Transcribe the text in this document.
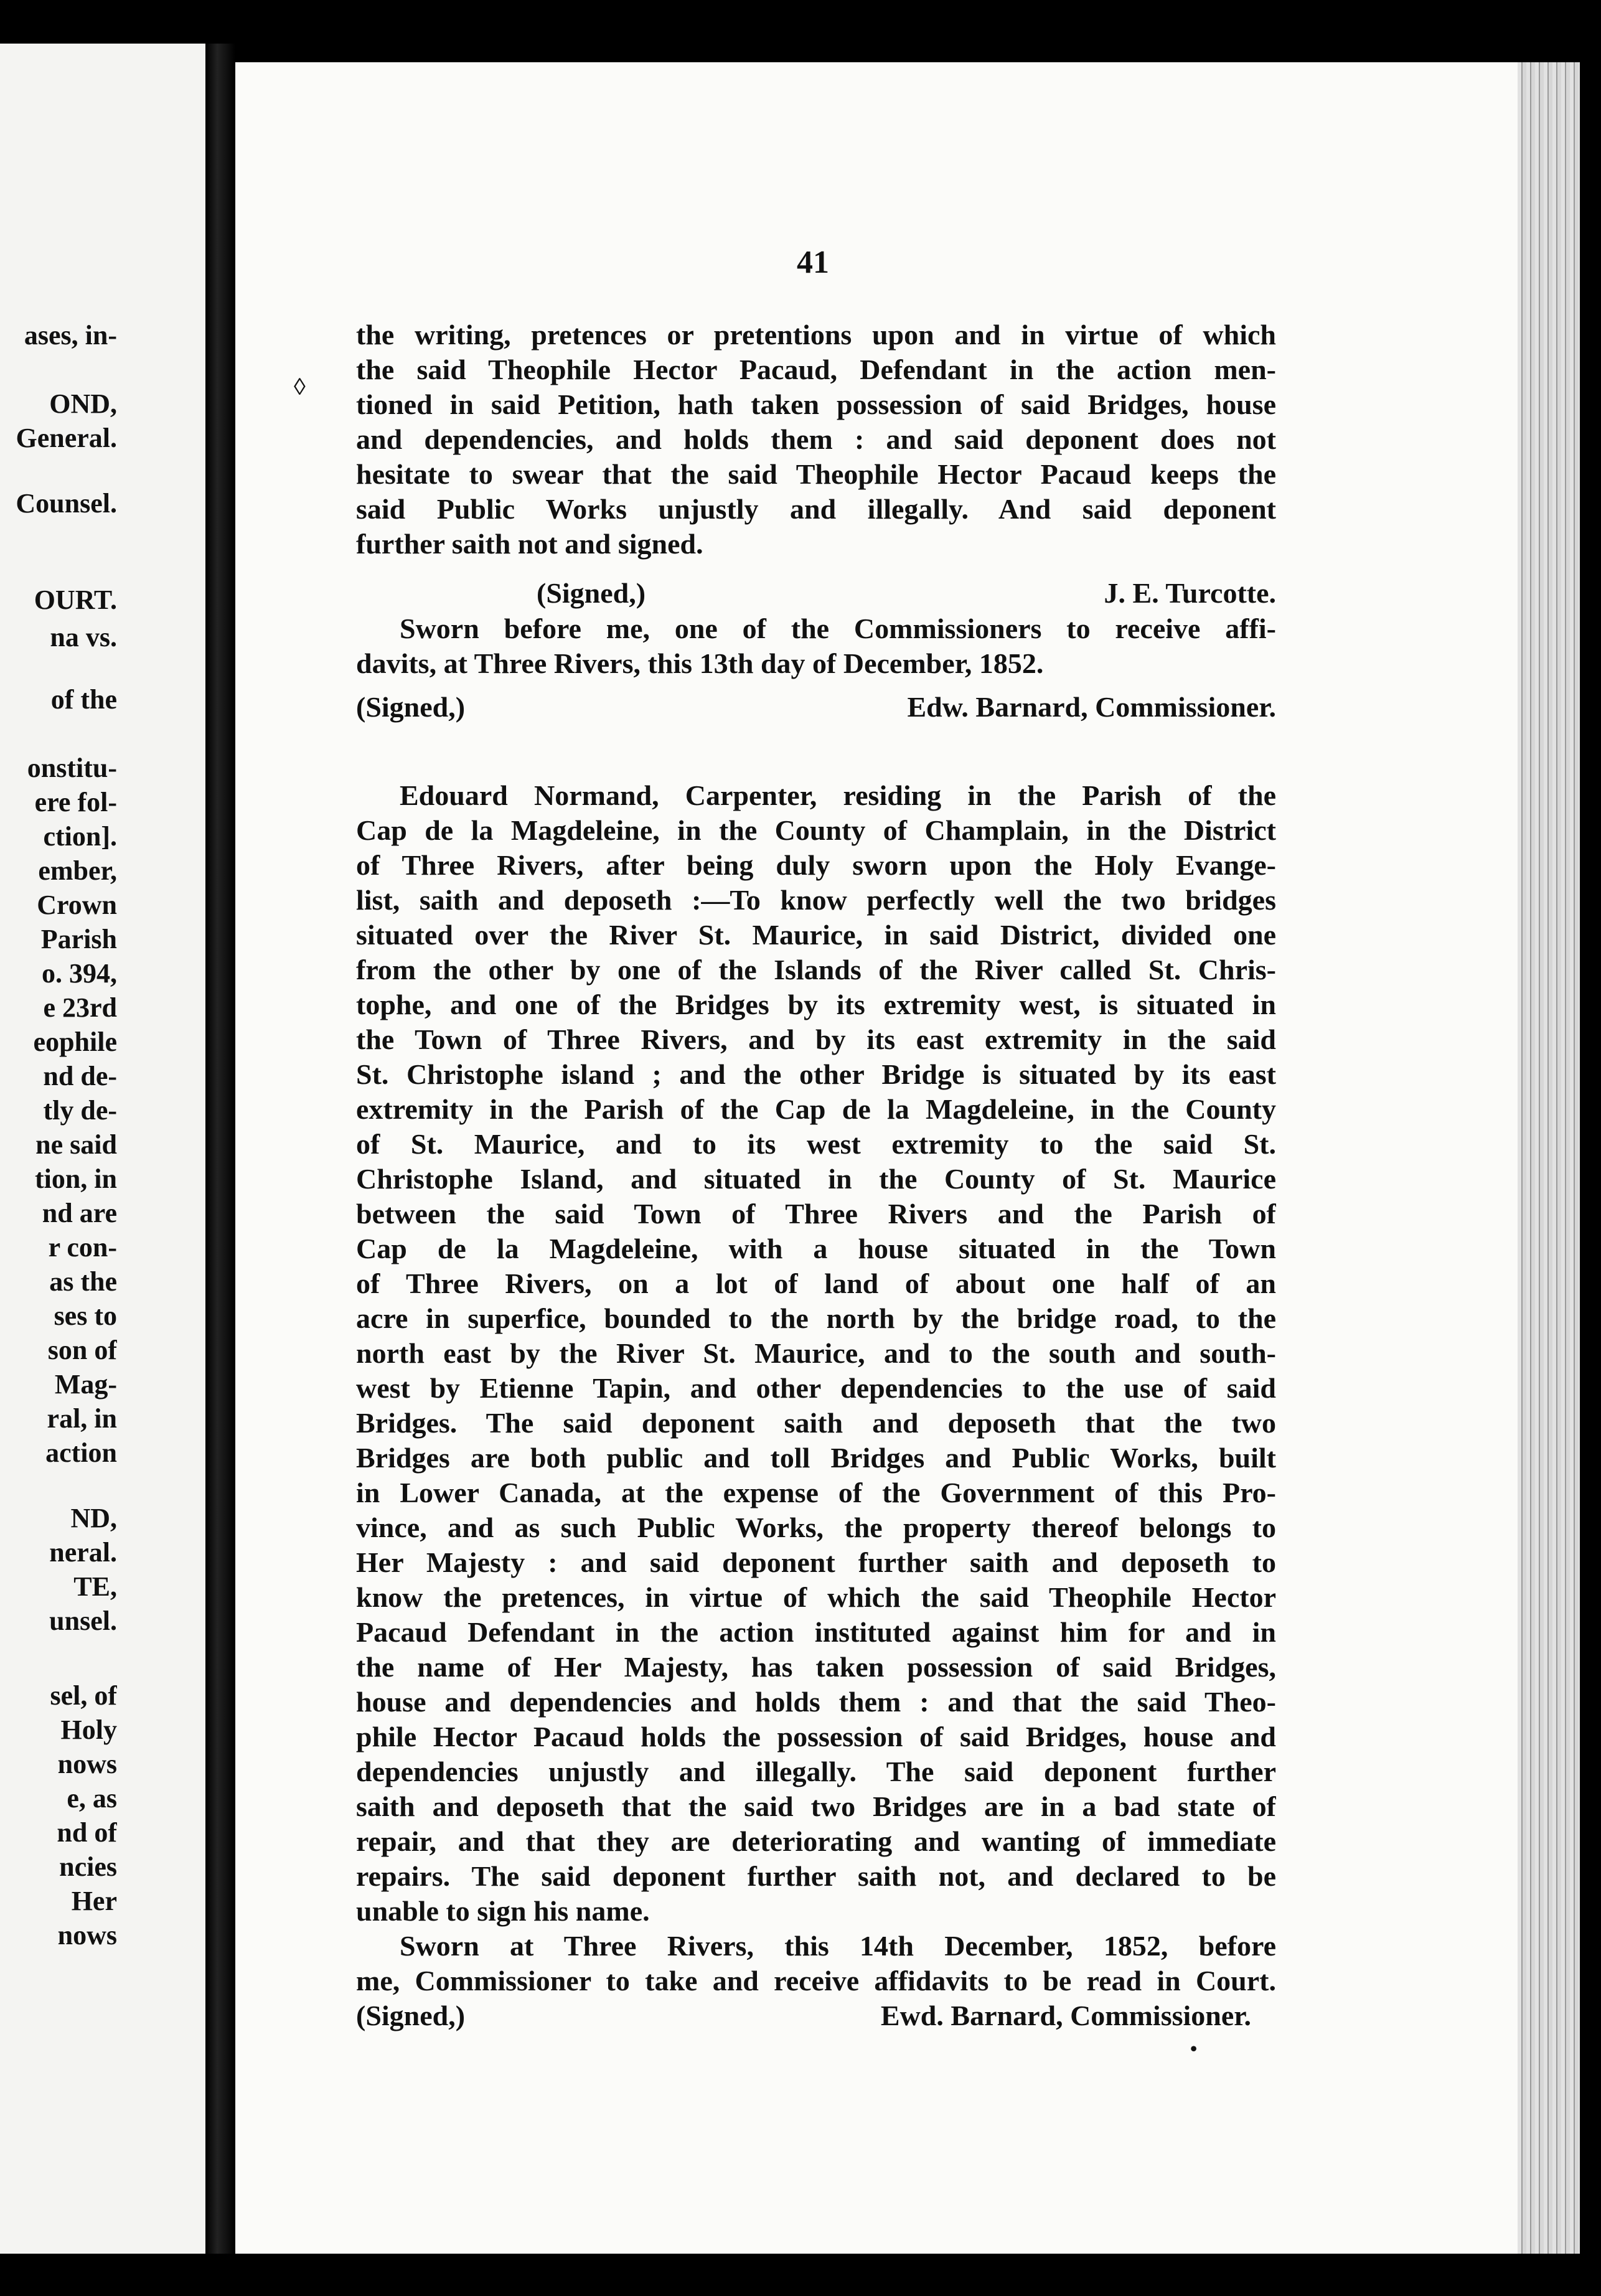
ases, in-
OND,
General.
Counsel.
OURT.
na vs.
of the
onstitu-
ere fol-
ction].
ember,
Crown
Parish
o. 394,
e 23rd
eophile
nd de-
tly de-
ne said
tion, in
nd are
r con-
as the
ses to
son of
Mag-
ral, in
action
ND,
neral.
TE,
unsel.
sel, of
Holy
nows
e, as
nd of
ncies
Her
nows
41
the writing, pretences or pretentions upon and in virtue of which
the said Theophile Hector Pacaud, Defendant in the action men-
tioned in said Petition, hath taken possession of said Bridges, house
and dependencies, and holds them : and said deponent does not
hesitate to swear that the said Theophile Hector Pacaud keeps the
said Public Works unjustly and illegally. And said deponent
further saith not and signed.
(Signed,)	J. E. Turcotte.
Sworn before me, one of the Commissioners to receive affi-
davits, at Three Rivers, this 13th day of December, 1852.
(Signed,)	Edw. Barnard, Commissioner.
Edouard Normand, Carpenter, residing in the Parish of the
Cap de la Magdeleine, in the County of Champlain, in the District
of Three Rivers, after being duly sworn upon the Holy Evange-
list, saith and deposeth :—To know perfectly well the two bridges
situated over the River St. Maurice, in said District, divided one
from the other by one of the Islands of the River called St. Chris-
tophe, and one of the Bridges by its extremity west, is situated in
the Town of Three Rivers, and by its east extremity in the said
St. Christophe island ; and the other Bridge is situated by its east
extremity in the Parish of the Cap de la Magdeleine, in the County
of St. Maurice, and to its west extremity to the said St.
Christophe Island, and situated in the County of St. Maurice
between the said Town of Three Rivers and the Parish of
Cap de la Magdeleine, with a house situated in the Town
of Three Rivers, on a lot of land of about one half of an
acre in superfice, bounded to the north by the bridge road, to the
north east by the River St. Maurice, and to the south and south-
west by Etienne Tapin, and other dependencies to the use of said
Bridges. The said deponent saith and deposeth that the two
Bridges are both public and toll Bridges and Public Works, built
in Lower Canada, at the expense of the Government of this Pro-
vince, and as such Public Works, the property thereof belongs to
Her Majesty : and said deponent further saith and deposeth to
know the pretences, in virtue of which the said Theophile Hector
Pacaud Defendant in the action instituted against him for and in
the name of Her Majesty, has taken possession of said Bridges,
house and dependencies and holds them : and that the said Theo-
phile Hector Pacaud holds the possession of said Bridges, house and
dependencies unjustly and illegally. The said deponent further
saith and deposeth that the said two Bridges are in a bad state of
repair, and that they are deteriorating and wanting of immediate
repairs. The said deponent further saith not, and declared to be
unable to sign his name.
Sworn at Three Rivers, this 14th December, 1852, before
me, Commissioner to take and receive affidavits to be read in Court.
(Signed,)	Ewd. Barnard, Commissioner.
•
◊
